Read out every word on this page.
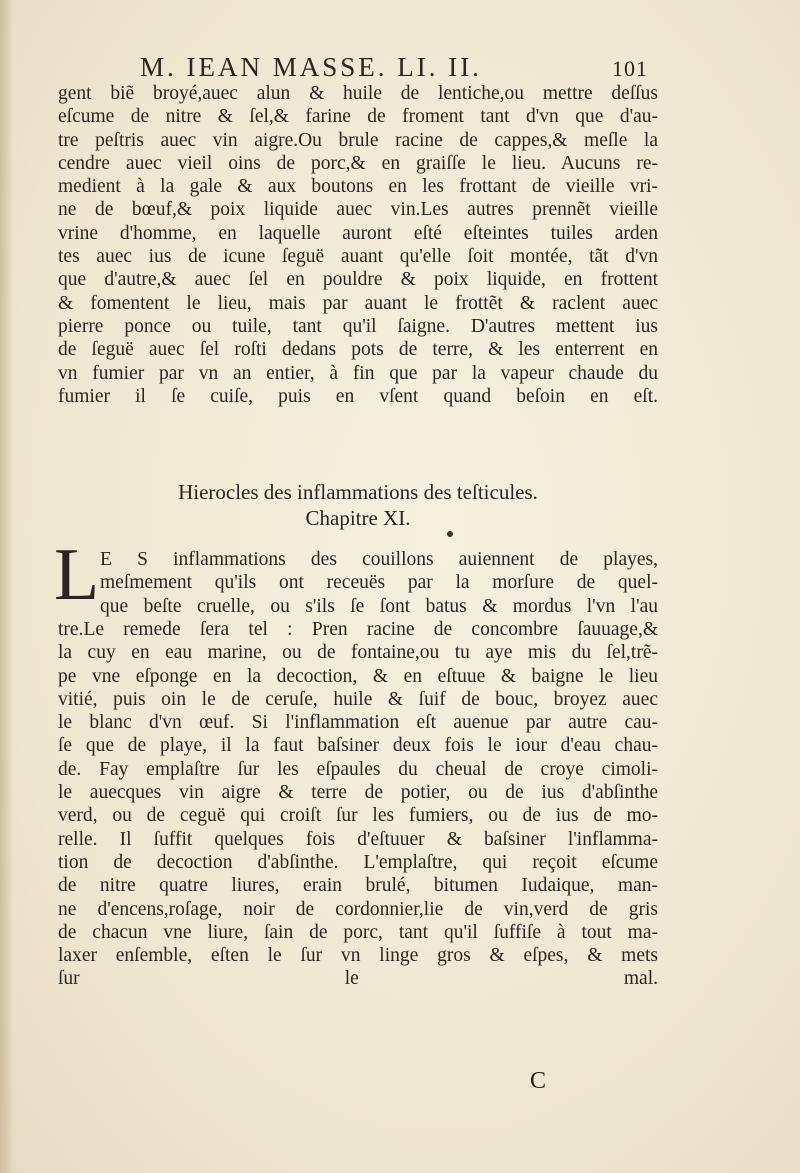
M. IEAN MASSE. LI. II.	101
gent biẽ broyé,auec alun & huile de lentiche,ou mettre deſſus
eſcume de nitre & ſel,& farine de froment tant d'vn que d'au-
tre peſtris auec vin aigre.Ou brule racine de cappes,& meſle la
cendre auec vieil oins de porc,& en graiſſe le lieu. Aucuns re-
medient à la gale & aux boutons en les frottant de vieille vri-
ne de bœuf,& poix liquide auec vin.Les autres prennẽt vieille
vrine d'homme, en laquelle auront eſté eſteintes tuiles arden
tes auec ius de icune ſeguë auant qu'elle ſoit montée, tãt d'vn
que d'autre,& auec ſel en pouldre & poix liquide, en frottent
& fomentent le lieu, mais par auant le frottẽt & raclent auec
pierre ponce ou tuile, tant qu'il ſaigne. D'autres mettent ius
de ſeguë auec ſel roſti dedans pots de terre, & les enterrent en
vn fumier par vn an entier, à fin que par la vapeur chaude du
fumier il ſe cuiſe, puis en vſent quand beſoin en eſt.
Hierocles des inflammations des teſticules.
Chapitre XI.
L E S inflammations des couillons auiennent de playes,
meſmement qu'ils ont receuës par la morſure de quel-
que beſte cruelle, ou s'ils ſe ſont batus & mordus l'vn l'au
tre.Le remede ſera tel : Pren racine de concombre ſauuage,&
la cuy en eau marine, ou de fontaine,ou tu aye mis du ſel,trẽ-
pe vne eſponge en la decoction, & en eſtuue & baigne le lieu
vitié, puis oin le de ceruſe, huile & ſuif de bouc, broyez auec
le blanc d'vn œuf. Si l'inflammation eſt auenue par autre cau-
ſe que de playe, il la faut baſsiner deux fois le iour d'eau chau-
de. Fay emplaſtre ſur les eſpaules du cheual de croye cimoli-
le auecques vin aigre & terre de potier, ou de ius d'abſinthe
verd, ou de ceguë qui croiſt ſur les fumiers, ou de ius de mo-
relle. Il ſuffit quelques fois d'eſtuuer & baſsiner l'inflamma-
tion de decoction d'abſinthe. L'emplaſtre, qui reçoit eſcume
de nitre quatre liures, erain brulé, bitumen Iudaique, man-
ne d'encens,roſage, noir de cordonnier,lie de vin,verd de gris
de chacun vne liure, ſain de porc, tant qu'il ſuffiſe à tout ma-
laxer enſemble, eſten le ſur vn linge gros & eſpes, & mets
ſur le mal.
C
